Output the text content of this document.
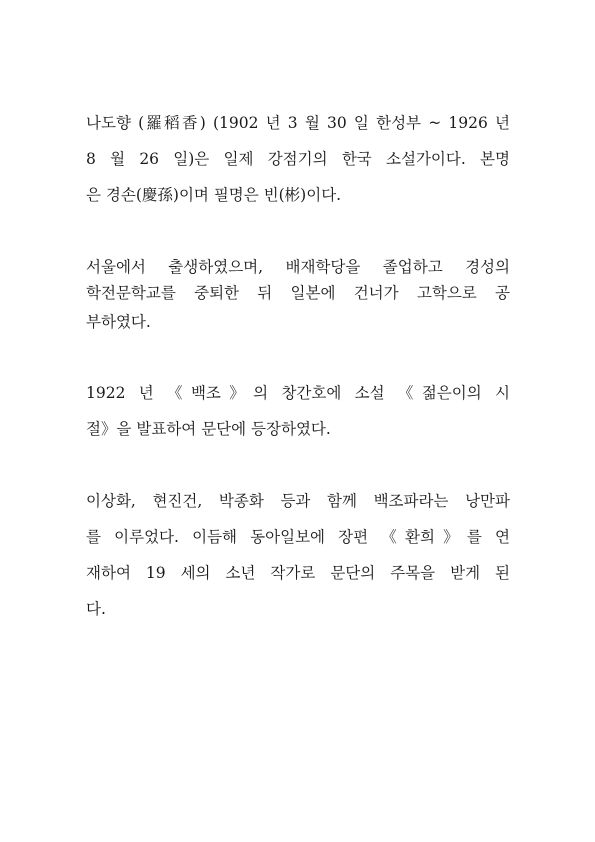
나도향 (羅稻香) (1902 년 3 월 30 일 한성부 ~ 1926 년
8 월 26 일)은 일제 강점기의 한국 소설가이다. 본명
은 경손(慶孫)이며 필명은 빈(彬)이다.
서울에서 출생하였으며, 배재학당을 졸업하고 경성의
학전문학교를 중퇴한 뒤 일본에 건너가 고학으로 공
부하였다.
1922 년 《백조》의 창간호에 소설 《젊은이의 시
절》을 발표하여 문단에 등장하였다.
이상화, 현진건, 박종화 등과 함께 백조파라는 낭만파
를 이루었다. 이듬해 동아일보에 장편 《환희》를 연
재하여 19 세의 소년 작가로 문단의 주목을 받게 된
다.
